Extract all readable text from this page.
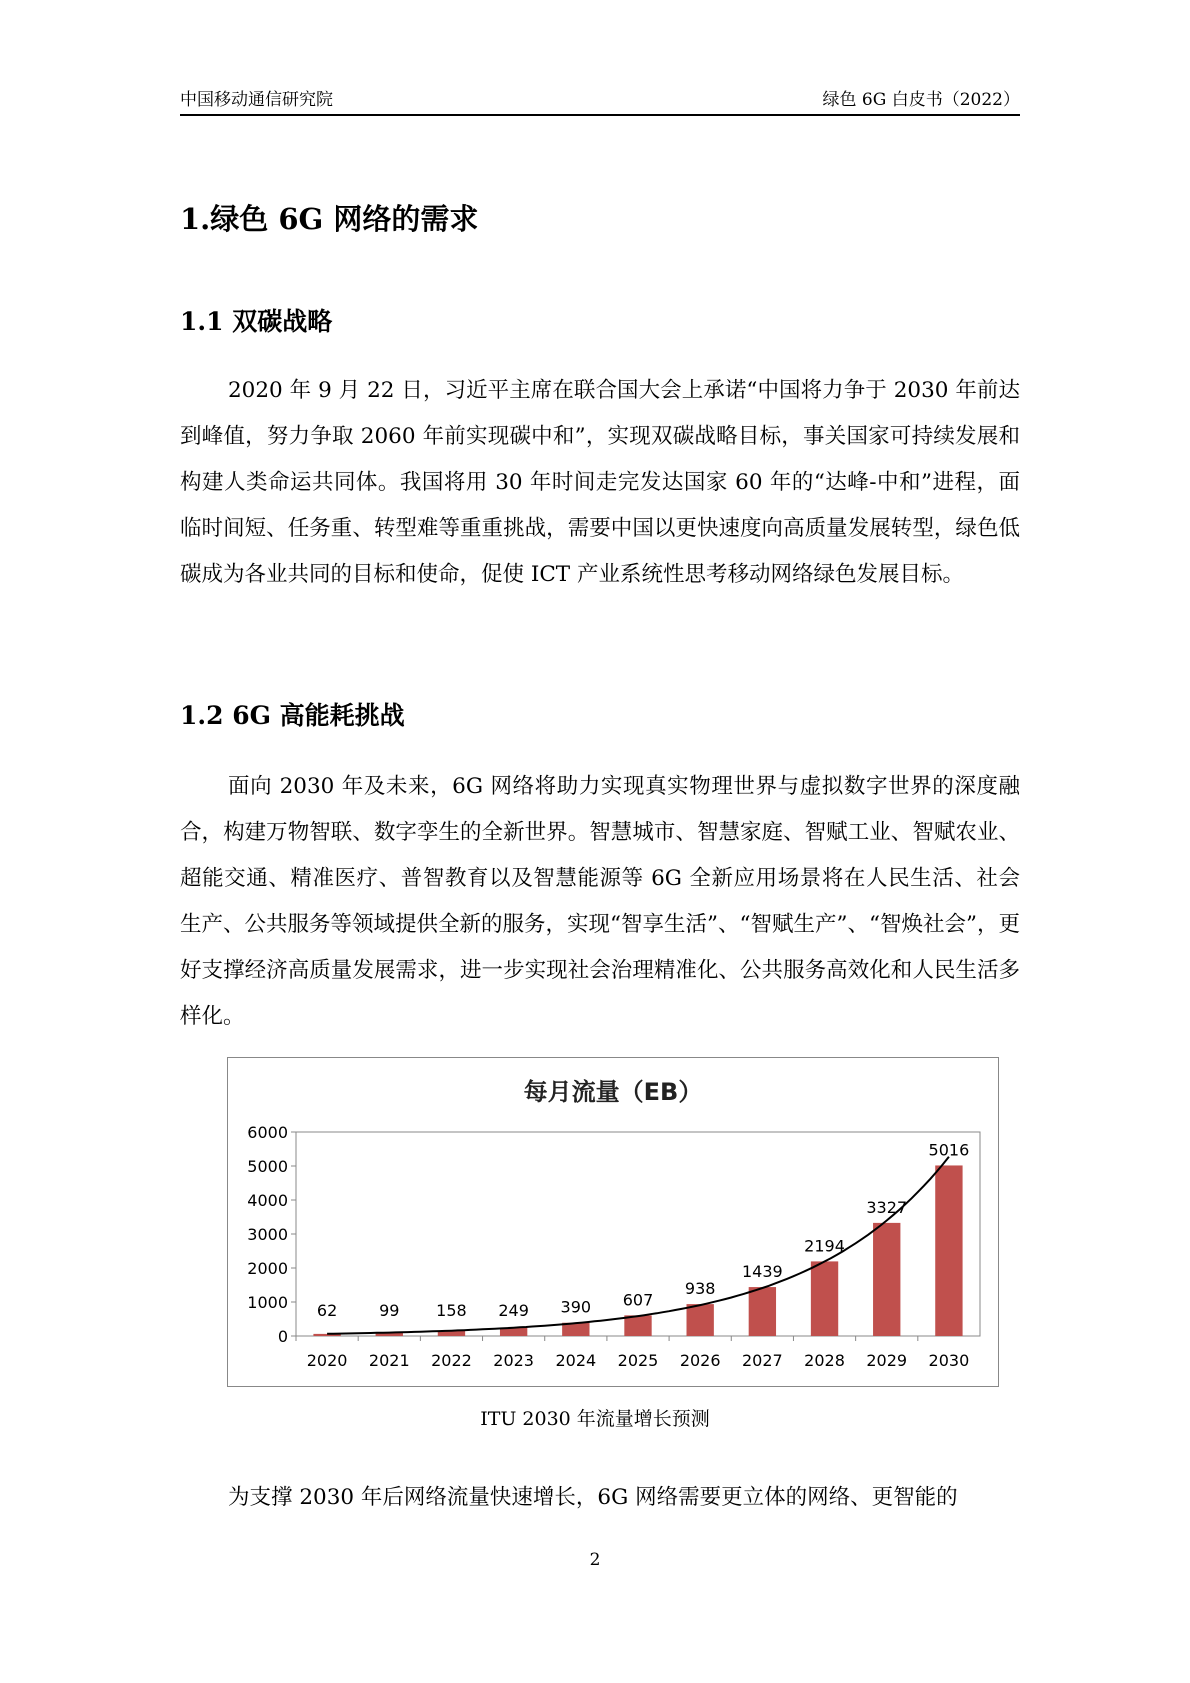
中国移动通信研究院	绿色 6G 白皮书（2022）
1.绿色 6G 网络的需求
1.1 双碳战略

2020 年 9 月 22 日，习近平主席在联合国大会上承诺“中国将力争于 2030 年前达到峰值，努力争取 2060 年前实现碳中和”，实现双碳战略目标，事关国家可持续发展和构建人类命运共同体。我国将用 30 年时间走完发达国家 60 年的“达峰-中和”进程，面临时间短、任务重、转型难等重重挑战，需要中国以更快速度向高质量发展转型，绿色低碳成为各业共同的目标和使命，促使 ICT 产业系统性思考移动网络绿色发展目标。

1.2 6G 高能耗挑战

面向 2030 年及未来，6G 网络将助力实现真实物理世界与虚拟数字世界的深度融合，构建万物智联、数字孪生的全新世界。智慧城市、智慧家庭、智赋工业、智赋农业、超能交通、精准医疗、普智教育以及智慧能源等 6G 全新应用场景将在人民生活、社会生产、公共服务等领域提供全新的服务，实现“智享生活”、“智赋生产”、“智焕社会”，更好支撑经济高质量发展需求，进一步实现社会治理精准化、公共服务高效化和人民生活多样化。

每月流量（EB）
0
1000
2000
3000
4000
5000
6000
2020 2021 2022 2023 2024 2025 2026 2027 2028 2029 2030
62	99 158 249 390 607
938
1439
2194
3327
5016
ITU 2030 年流量增长预测

为支撑 2030 年后网络流量快速增长，6G 网络需要更立体的网络、更智能的

2
